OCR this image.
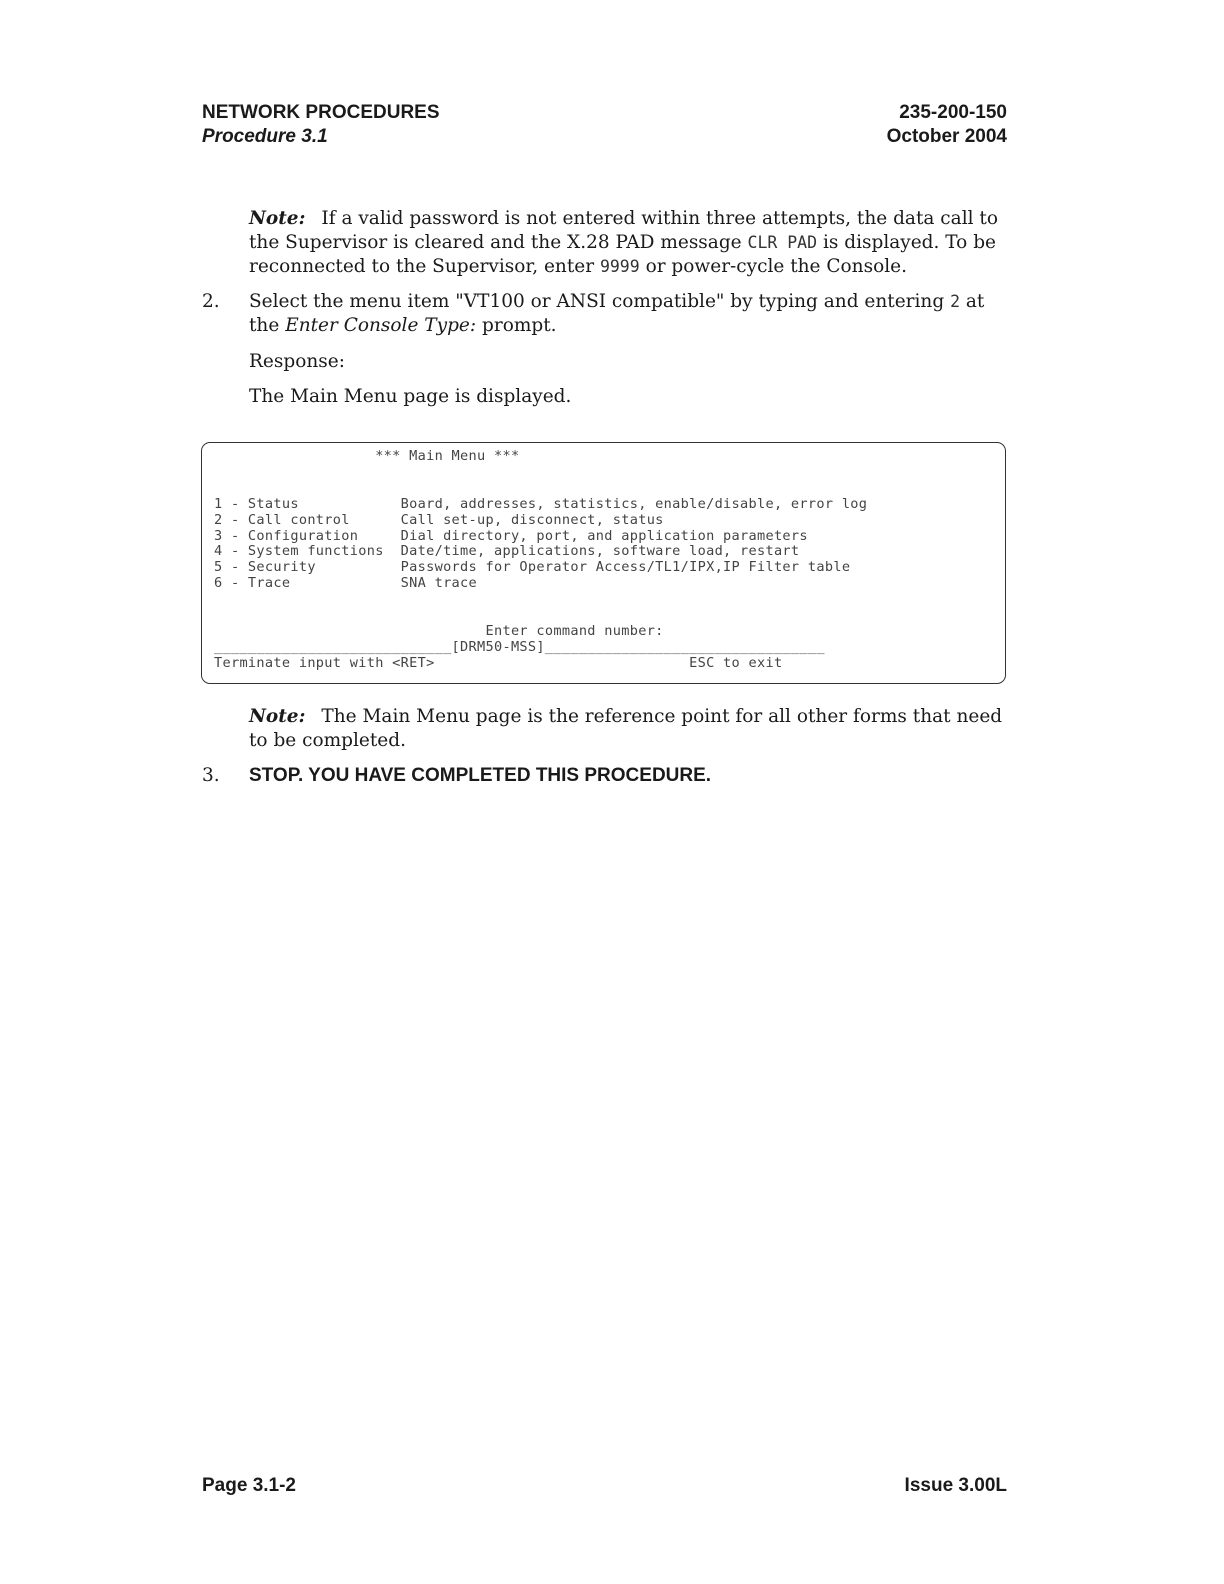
NETWORK PROCEDURES
Procedure 3.1
235-200-150
October 2004
Note: If a valid password is not entered within three attempts, the data call to the Supervisor is cleared and the X.28 PAD message CLR PAD is displayed. To be reconnected to the Supervisor, enter 9999 or power-cycle the Console.
2. Select the menu item "VT100 or ANSI compatible" by typing and entering 2 at the Enter Console Type: prompt.
Response:
The Main Menu page is displayed.
*** Main Menu ***

1 - Status            Board, addresses, statistics, enable/disable, error log
2 - Call control      Call set-up, disconnect, status
3 - Configuration     Dial directory, port, and application parameters
4 - System functions  Date/time, applications, software load, restart
5 - Security          Passwords for Operator Access/TL1/IPX,IP Filter table
6 - Trace             SNA trace

Enter command number:
____________________________[DRM50-MSS]_________________________________
Terminate input with <RET>                              ESC to exit
Note: The Main Menu page is the reference point for all other forms that need to be completed.
3. STOP. YOU HAVE COMPLETED THIS PROCEDURE.
Page 3.1-2	Issue 3.00L
